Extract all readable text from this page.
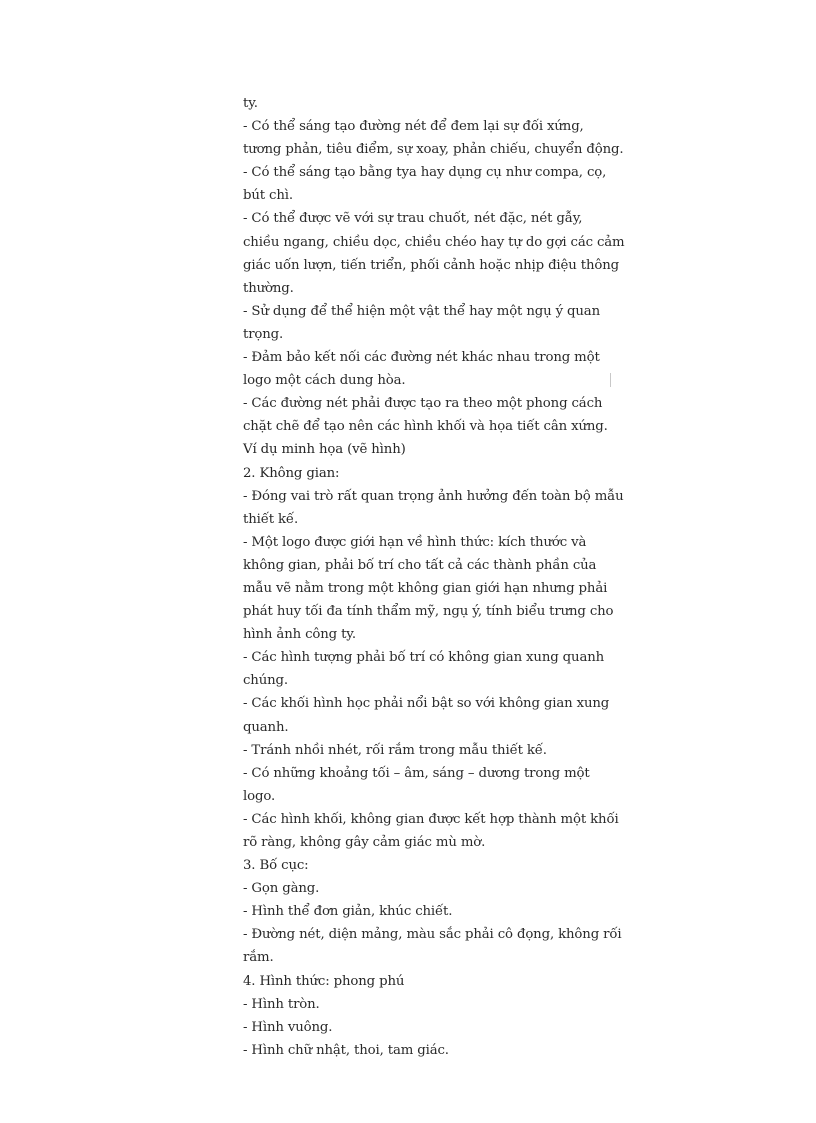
ty.
- Có thể sáng tạo đường nét để đem lại sự đối xứng,
tương phản, tiêu điểm, sự xoay, phản chiếu, chuyển động.
- Có thể sáng tạo bằng tya hay dụng cụ như compa, cọ,
bút chì.
- Có thể được vẽ với sự trau chuốt, nét đặc, nét gẫy,
chiều ngang, chiều dọc, chiều chéo hay tự do gợi các cảm
giác uốn lượn, tiến triển, phối cảnh hoặc nhịp điệu thông
thường.
- Sử dụng để thể hiện một vật thể hay một ngụ ý quan
trọng.
- Đảm bảo kết nối các đường nét khác nhau trong một
logo một cách dung hòa.
- Các đường nét phải được tạo ra theo một phong cách
chặt chẽ để tạo nên các hình khối và họa tiết cân xứng.
Ví dụ minh họa (vẽ hình)
2. Không gian:
- Đóng vai trò rất quan trọng ảnh hưởng đến toàn bộ mẫu
thiết kế.
- Một logo được giới hạn về hình thức: kích thước và
không gian, phải bố trí cho tất cả các thành phần của
mẫu vẽ nằm trong một không gian giới hạn nhưng phải
phát huy tối đa tính thẩm mỹ, ngụ ý, tính biểu trưng cho
hình ảnh công ty.
- Các hình tượng phải bố trí có không gian xung quanh
chúng.
- Các khối hình học phải nổi bật so với không gian xung
quanh.
- Tránh nhồi nhét, rối rắm trong mẫu thiết kế.
- Có những khoảng tối – âm, sáng – dương trong một
logo.
- Các hình khối, không gian được kết hợp thành một khối
rõ ràng, không gây cảm giác mù mờ.
3. Bố cục:
- Gọn gàng.
- Hình thể đơn giản, khúc chiết.
- Đường nét, diện mảng, màu sắc phải cô đọng, không rối
rắm.
4. Hình thức: phong phú
- Hình tròn.
- Hình vuông.
- Hình chữ nhật, thoi, tam giác.
